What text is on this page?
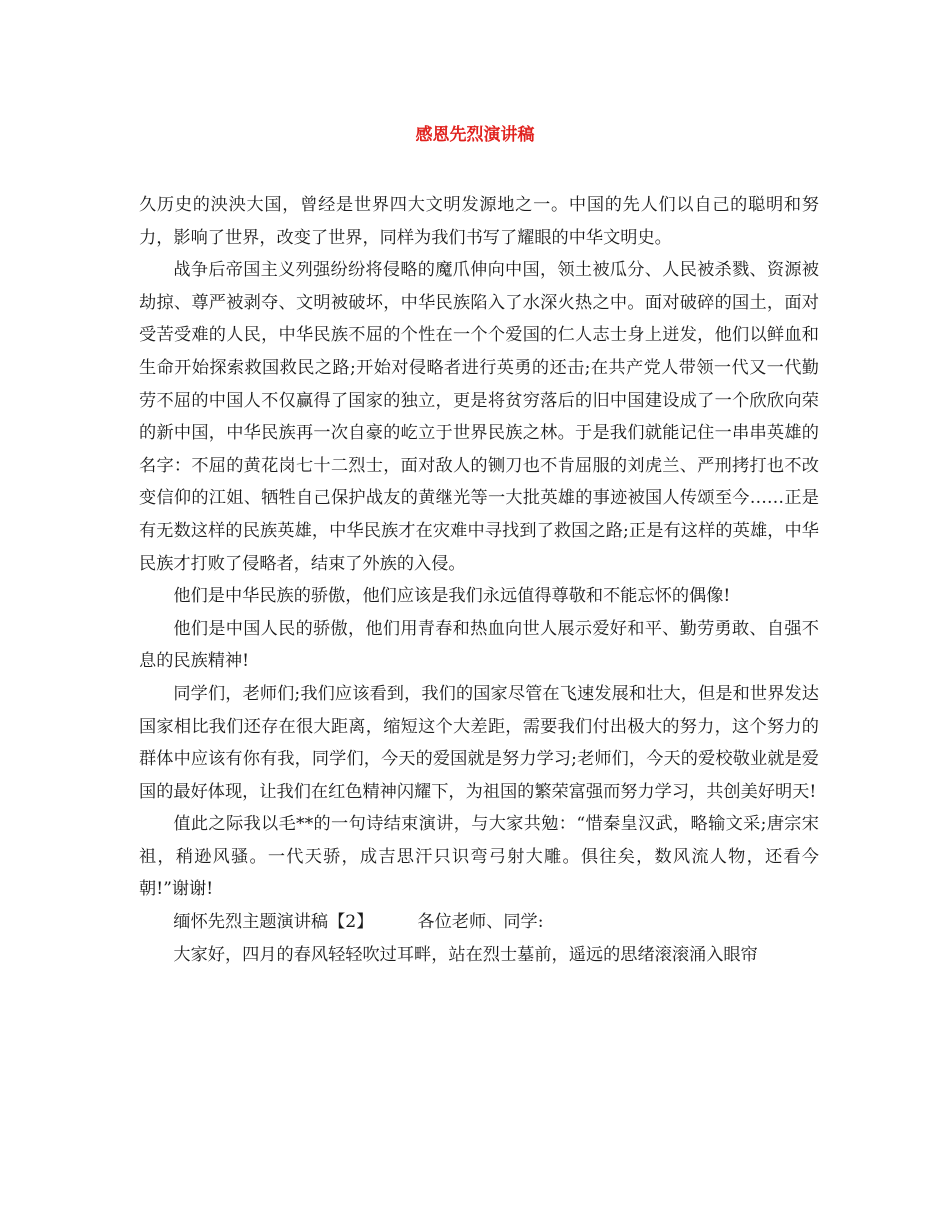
感恩先烈演讲稿

久历史的泱泱大国，曾经是世界四大文明发源地之一。中国的先人们以自己的聪明和努力，影响了世界，改变了世界，同样为我们书写了耀眼的中华文明史。

战争后帝国主义列强纷纷将侵略的魔爪伸向中国，领土被瓜分、人民被杀戮、资源被劫掠、尊严被剥夺、文明被破坏，中华民族陷入了水深火热之中。面对破碎的国土，面对受苦受难的人民，中华民族不屈的个性在一个个爱国的仁人志士身上迸发，他们以鲜血和生命开始探索救国救民之路;开始对侵略者进行英勇的还击;在共产党人带领一代又一代勤劳不屈的中国人不仅赢得了国家的独立，更是将贫穷落后的旧中国建设成了一个欣欣向荣的新中国，中华民族再一次自豪的屹立于世界民族之林。于是我们就能记住一串串英雄的名字：不屈的黄花岗七十二烈士，面对敌人的铡刀也不肯屈服的刘虎兰、严刑拷打也不改变信仰的江姐、牺牲自己保护战友的黄继光等一大批英雄的事迹被国人传颂至今……正是有无数这样的民族英雄，中华民族才在灾难中寻找到了救国之路;正是有这样的英雄，中华民族才打败了侵略者，结束了外族的入侵。

他们是中华民族的骄傲，他们应该是我们永远值得尊敬和不能忘怀的偶像!

他们是中国人民的骄傲，他们用青春和热血向世人展示爱好和平、勤劳勇敢、自强不息的民族精神!

同学们，老师们;我们应该看到，我们的国家尽管在飞速发展和壮大，但是和世界发达国家相比我们还存在很大距离，缩短这个大差距，需要我们付出极大的努力，这个努力的群体中应该有你有我，同学们，今天的爱国就是努力学习;老师们，今天的爱校敬业就是爱国的最好体现，让我们在红色精神闪耀下，为祖国的繁荣富强而努力学习，共创美好明天!

值此之际我以毛**的一句诗结束演讲，与大家共勉：“惜秦皇汉武，略输文采;唐宗宋祖，稍逊风骚。一代天骄，成吉思汗只识弯弓射大雕。俱往矣，数风流人物，还看今朝!”谢谢!

缅怀先烈主题演讲稿【2】	各位老师、同学:

大家好，四月的春风轻轻吹过耳畔，站在烈士墓前，遥远的思绪滚滚涌入眼帘
